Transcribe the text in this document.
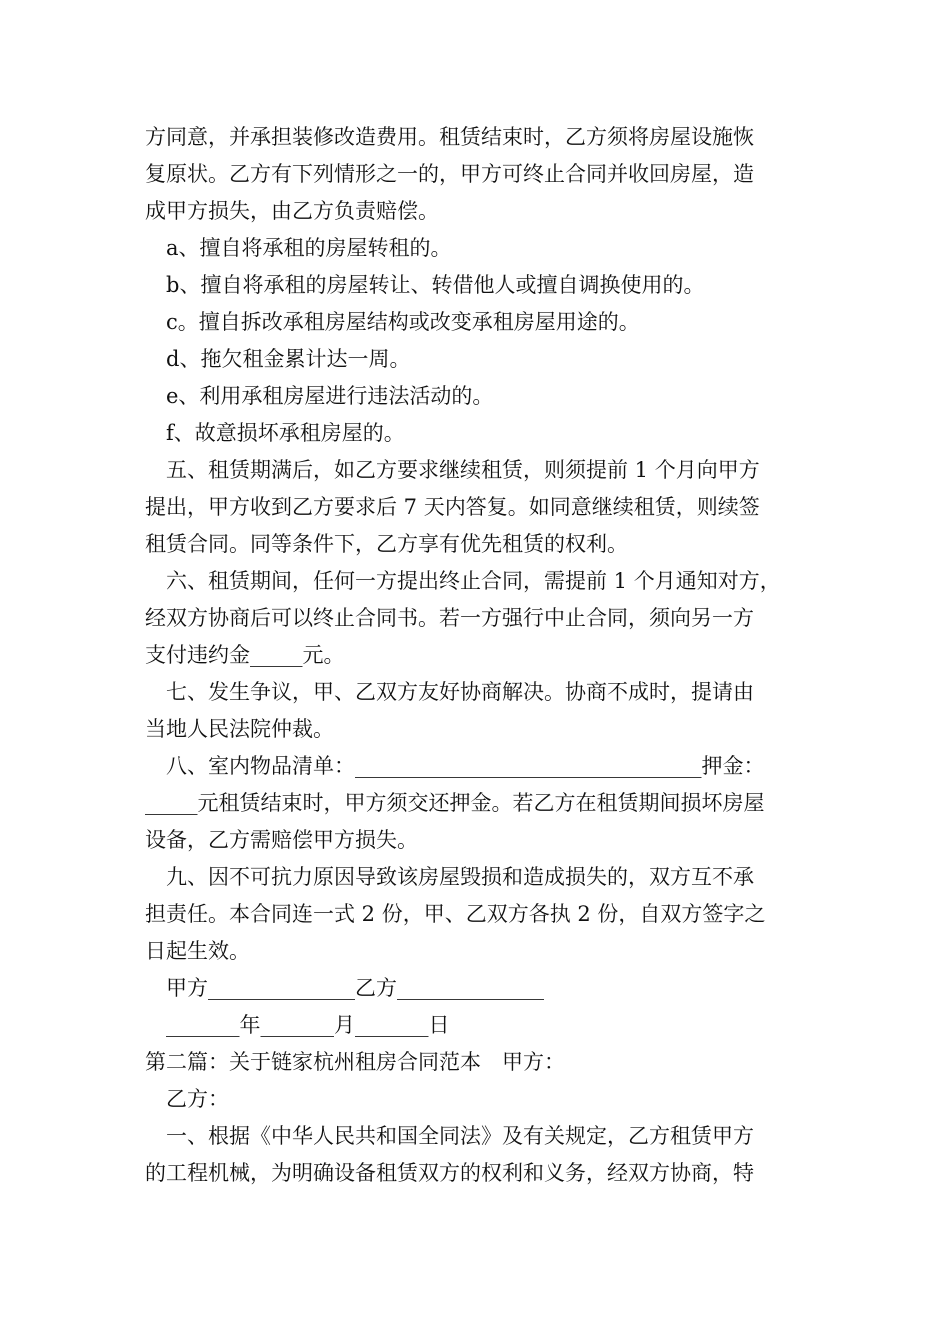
方同意，并承担装修改造费用。租赁结束时，乙方须将房屋设施恢
复原状。乙方有下列情形之一的，甲方可终止合同并收回房屋，造
成甲方损失，由乙方负责赔偿。
a、擅自将承租的房屋转租的。
b、擅自将承租的房屋转让、转借他人或擅自调换使用的。
c。擅自拆改承租房屋结构或改变承租房屋用途的。
d、拖欠租金累计达一周。
e、利用承租房屋进行违法活动的。
f、故意损坏承租房屋的。
五、租赁期满后，如乙方要求继续租赁，则须提前 1 个月向甲方
提出，甲方收到乙方要求后 7 天内答复。如同意继续租赁，则续签
租赁合同。同等条件下，乙方享有优先租赁的权利。
六、租赁期间，任何一方提出终止合同，需提前 1 个月通知对方，
经双方协商后可以终止合同书。若一方强行中止合同，须向另一方
支付违约金_____元。
七、发生争议，甲、乙双方友好协商解决。协商不成时，提请由
当地人民法院仲裁。
八、室内物品清单：_________________________________押金：
_____元租赁结束时，甲方须交还押金。若乙方在租赁期间损坏房屋
设备，乙方需赔偿甲方损失。
九、因不可抗力原因导致该房屋毁损和造成损失的，双方互不承
担责任。本合同连一式 2 份，甲、乙双方各执 2 份，自双方签字之
日起生效。
甲方______________乙方______________
_______年_______月_______日
第二篇：关于链家杭州租房合同范本　甲方：
乙方：
一、根据《中华人民共和国全同法》及有关规定，乙方租赁甲方
的工程机械，为明确设备租赁双方的权利和义务，经双方协商，特
